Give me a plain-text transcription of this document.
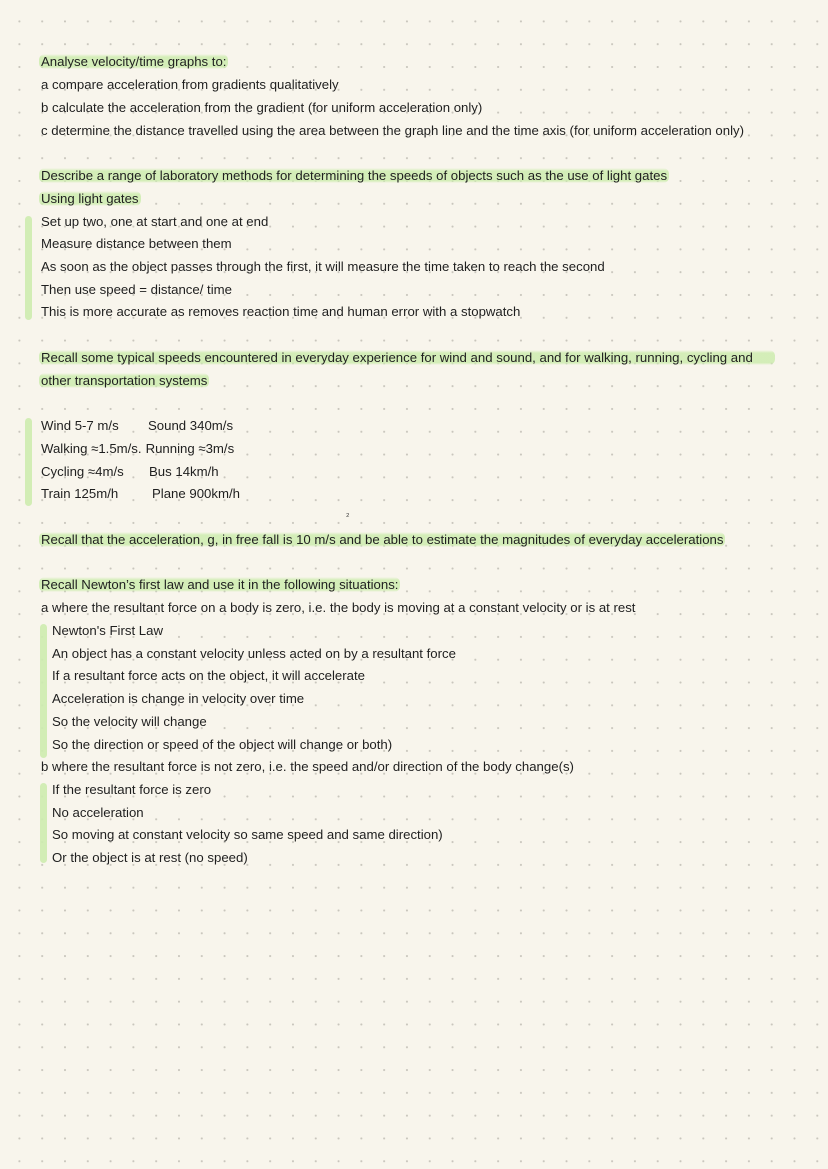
Analyse velocity/time graphs to:
a compare acceleration from gradients qualitatively
b calculate the acceleration from the gradient (for uniform acceleration only)
c determine the distance travelled using the area between the graph line and the time axis (for uniform acceleration only)
Describe a range of laboratory methods for determining the speeds of objects such as the use of light gates
Using light gates
Set up two, one at start and one at end
Measure distance between them
As soon as the object passes through the first, it will measure the time taken to reach the second
Then use speed = distance/ time
This is more accurate as removes reaction time and human error with a stopwatch
Recall some typical speeds encountered in everyday experience for wind and sound, and for walking, running, cycling and
other transportation systems
Wind 5-7 m/s Sound 340m/s
Walking ≈1.5m/s. Running ≈3m/s
Cycling ≈4m/s Bus 14km/h
Train 125m/h	Plane 900km/h
₂
Recall that the acceleration, g, in free fall is 10 m/s and be able to estimate the magnitudes of everyday accelerations
Recall Newton’s first law and use it in the following situations:
a where the resultant force on a body is zero, i.e. the body is moving at a constant velocity or is at rest
Newton's First Law
An object has a constant velocity unless acted on by a resultant force
If a resultant force acts on the object, it will accelerate
Acceleration is change in velocity over time
So the velocity will change
So the direction or speed of the object will change or both)
b where the resultant force is not zero, i.e. the speed and/or direction of the body change(s)
If the resultant force is zero
No acceleration
So moving at constant velocity so same speed and same direction)
Or the object is at rest (no speed)
